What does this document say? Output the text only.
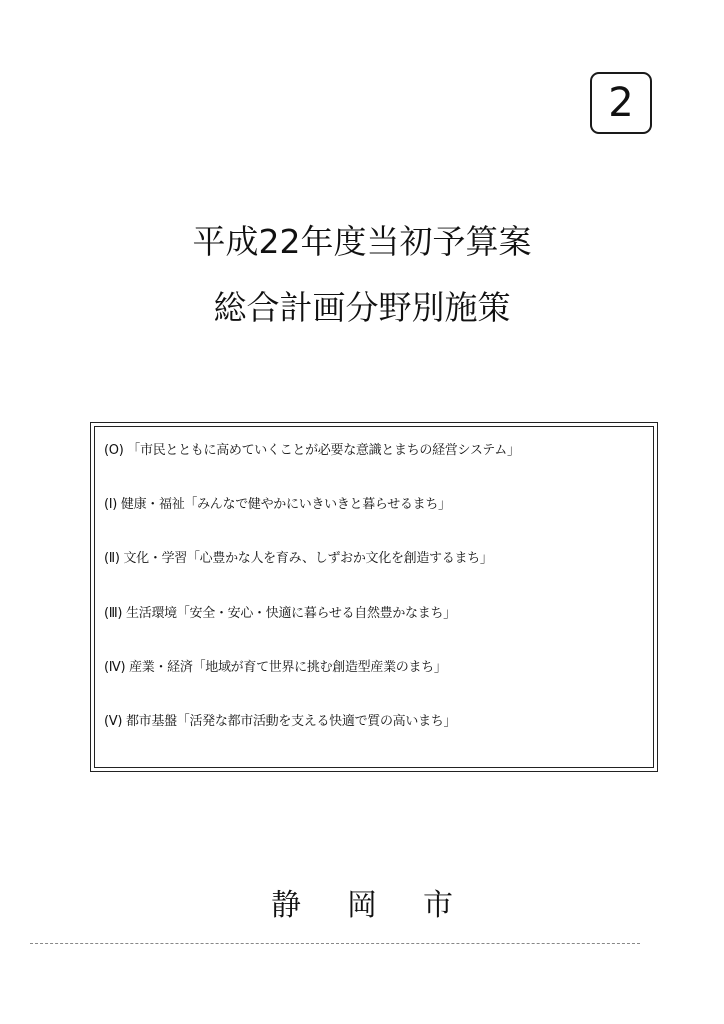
2
平成22年度当初予算案
総合計画分野別施策
(O) 「市民とともに高めていくことが必要な意識とまちの経営システム」
(Ⅰ) 健康・福祉「みんなで健やかにいきいきと暮らせるまち」
(Ⅱ) 文化・学習「心豊かな人を育み、しずおか文化を創造するまち」
(Ⅲ) 生活環境「安全・安心・快適に暮らせる自然豊かなまち」
(Ⅳ) 産業・経済「地域が育て世界に挑む創造型産業のまち」
(Ⅴ) 都市基盤「活発な都市活動を支える快適で質の高いまち」
静岡市
